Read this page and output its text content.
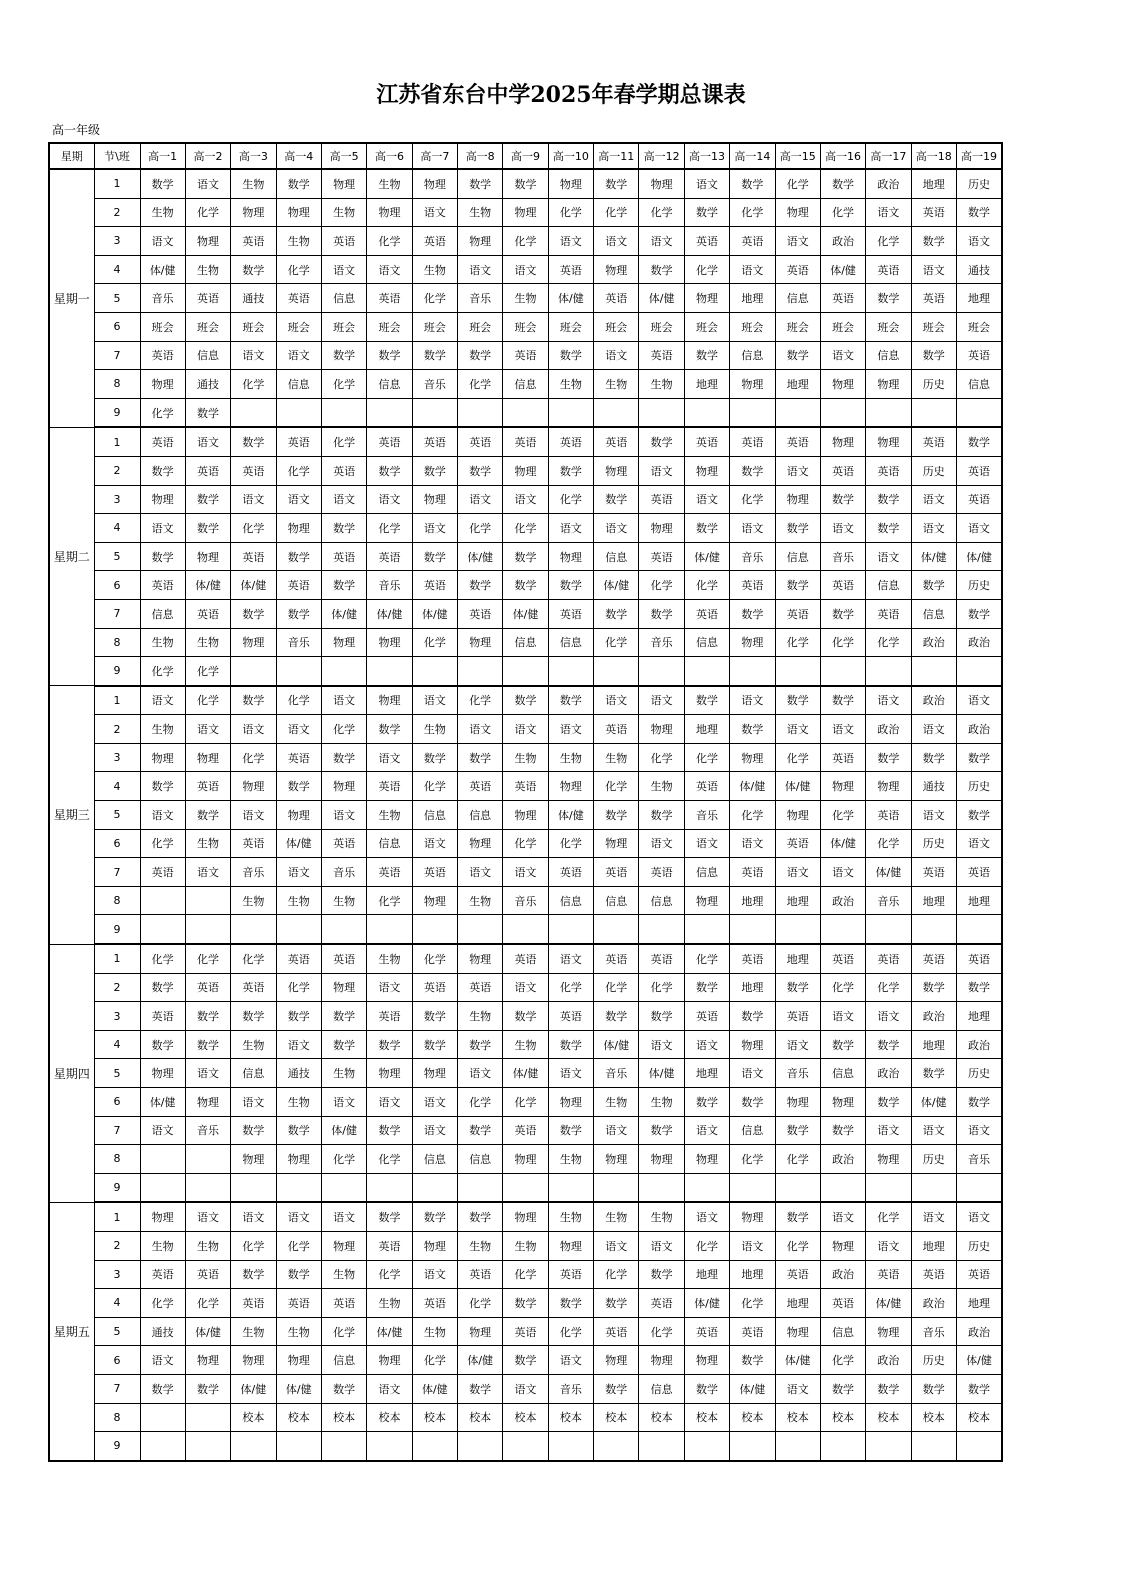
江苏省东台中学2025年春学期总课表
高一年级
星期	节\班	高一1	高一2	高一3	高一4	高一5	高一6	高一7	高一8	高一9	高一10	高一11	高一12	高一13	高一14	高一15	高一16	高一17	高一18	高一19
星期一	1	数学	语文	生物	数学	物理	生物	物理	数学	数学	物理	数学	物理	语文	数学	化学	数学	政治	地理	历史
	2	生物	化学	物理	物理	生物	物理	语文	生物	物理	化学	化学	化学	数学	化学	物理	化学	语文	英语	数学
	3	语文	物理	英语	生物	英语	化学	英语	物理	化学	语文	语文	语文	英语	英语	语文	政治	化学	数学	语文
	4	体/健	生物	数学	化学	语文	语文	生物	语文	语文	英语	物理	数学	化学	语文	英语	体/健	英语	语文	通技
	5	音乐	英语	通技	英语	信息	英语	化学	音乐	生物	体/健	英语	体/健	物理	地理	信息	英语	数学	英语	地理
	6	班会	班会	班会	班会	班会	班会	班会	班会	班会	班会	班会	班会	班会	班会	班会	班会	班会	班会	班会
	7	英语	信息	语文	语文	数学	数学	数学	数学	英语	数学	语文	英语	数学	信息	数学	语文	信息	数学	英语
	8	物理	通技	化学	信息	化学	信息	音乐	化学	信息	生物	生物	生物	地理	物理	地理	物理	物理	历史	信息
	9	化学	数学																	
星期二	1	英语	语文	数学	英语	化学	英语	英语	英语	英语	英语	英语	数学	英语	英语	英语	物理	物理	英语	数学
	2	数学	英语	英语	化学	英语	数学	数学	数学	物理	数学	物理	语文	物理	数学	语文	英语	英语	历史	英语
	3	物理	数学	语文	语文	语文	语文	物理	语文	语文	化学	数学	英语	语文	化学	物理	数学	数学	语文	英语
	4	语文	数学	化学	物理	数学	化学	语文	化学	化学	语文	语文	物理	数学	语文	数学	语文	数学	语文	语文
	5	数学	物理	英语	数学	英语	英语	数学	体/健	数学	物理	信息	英语	体/健	音乐	信息	音乐	语文	体/健	体/健
	6	英语	体/健	体/健	英语	数学	音乐	英语	数学	数学	数学	体/健	化学	化学	英语	数学	英语	信息	数学	历史
	7	信息	英语	数学	数学	体/健	体/健	体/健	英语	体/健	英语	数学	数学	英语	数学	英语	数学	英语	信息	数学
	8	生物	生物	物理	音乐	物理	物理	化学	物理	信息	信息	化学	音乐	信息	物理	化学	化学	化学	政治	政治
	9	化学	化学																	
星期三	1	语文	化学	数学	化学	语文	物理	语文	化学	数学	数学	语文	语文	数学	语文	数学	数学	语文	政治	语文
	2	生物	语文	语文	语文	化学	数学	生物	语文	语文	语文	英语	物理	地理	数学	语文	语文	政治	语文	政治
	3	物理	物理	化学	英语	数学	语文	数学	数学	生物	生物	生物	化学	化学	物理	化学	英语	数学	数学	数学
	4	数学	英语	物理	数学	物理	英语	化学	英语	英语	物理	化学	生物	英语	体/健	体/健	物理	物理	通技	历史
	5	语文	数学	语文	物理	语文	生物	信息	信息	物理	体/健	数学	数学	音乐	化学	物理	化学	英语	语文	数学
	6	化学	生物	英语	体/健	英语	信息	语文	物理	化学	化学	物理	语文	语文	语文	英语	体/健	化学	历史	语文
	7	英语	语文	音乐	语文	音乐	英语	英语	语文	语文	英语	英语	英语	信息	英语	语文	语文	体/健	英语	英语
	8			生物	生物	生物	化学	物理	生物	音乐	信息	信息	信息	物理	地理	地理	政治	音乐	地理	地理
	9																			
星期四	1	化学	化学	化学	英语	英语	生物	化学	物理	英语	语文	英语	英语	化学	英语	地理	英语	英语	英语	英语
	2	数学	英语	英语	化学	物理	语文	英语	英语	语文	化学	化学	化学	数学	地理	数学	化学	化学	数学	数学
	3	英语	数学	数学	数学	数学	英语	数学	生物	数学	英语	数学	数学	英语	数学	英语	语文	语文	政治	地理
	4	数学	数学	生物	语文	数学	数学	数学	数学	生物	数学	体/健	语文	语文	物理	语文	数学	数学	地理	政治
	5	物理	语文	信息	通技	生物	物理	物理	语文	体/健	语文	音乐	体/健	地理	语文	音乐	信息	政治	数学	历史
	6	体/健	物理	语文	生物	语文	语文	语文	化学	化学	物理	生物	生物	数学	数学	物理	物理	数学	体/健	数学
	7	语文	音乐	数学	数学	体/健	数学	语文	数学	英语	数学	语文	数学	语文	信息	数学	数学	语文	语文	语文
	8			物理	物理	化学	化学	信息	信息	物理	生物	物理	物理	物理	化学	化学	政治	物理	历史	音乐
	9																			
星期五	1	物理	语文	语文	语文	语文	数学	数学	数学	物理	生物	生物	生物	语文	物理	数学	语文	化学	语文	语文
	2	生物	生物	化学	化学	物理	英语	物理	生物	生物	物理	语文	语文	化学	语文	化学	物理	语文	地理	历史
	3	英语	英语	数学	数学	生物	化学	语文	英语	化学	英语	化学	数学	地理	地理	英语	政治	英语	英语	英语
	4	化学	化学	英语	英语	英语	生物	英语	化学	数学	数学	数学	英语	体/健	化学	地理	英语	体/健	政治	地理
	5	通技	体/健	生物	生物	化学	体/健	生物	物理	英语	化学	英语	化学	英语	英语	物理	信息	物理	音乐	政治
	6	语文	物理	物理	物理	信息	物理	化学	体/健	数学	语文	物理	物理	物理	数学	体/健	化学	政治	历史	体/健
	7	数学	数学	体/健	体/健	数学	语文	体/健	数学	语文	音乐	数学	信息	数学	体/健	语文	数学	数学	数学	数学
	8			校本	校本	校本	校本	校本	校本	校本	校本	校本	校本	校本	校本	校本	校本	校本	校本	校本
	9																			
